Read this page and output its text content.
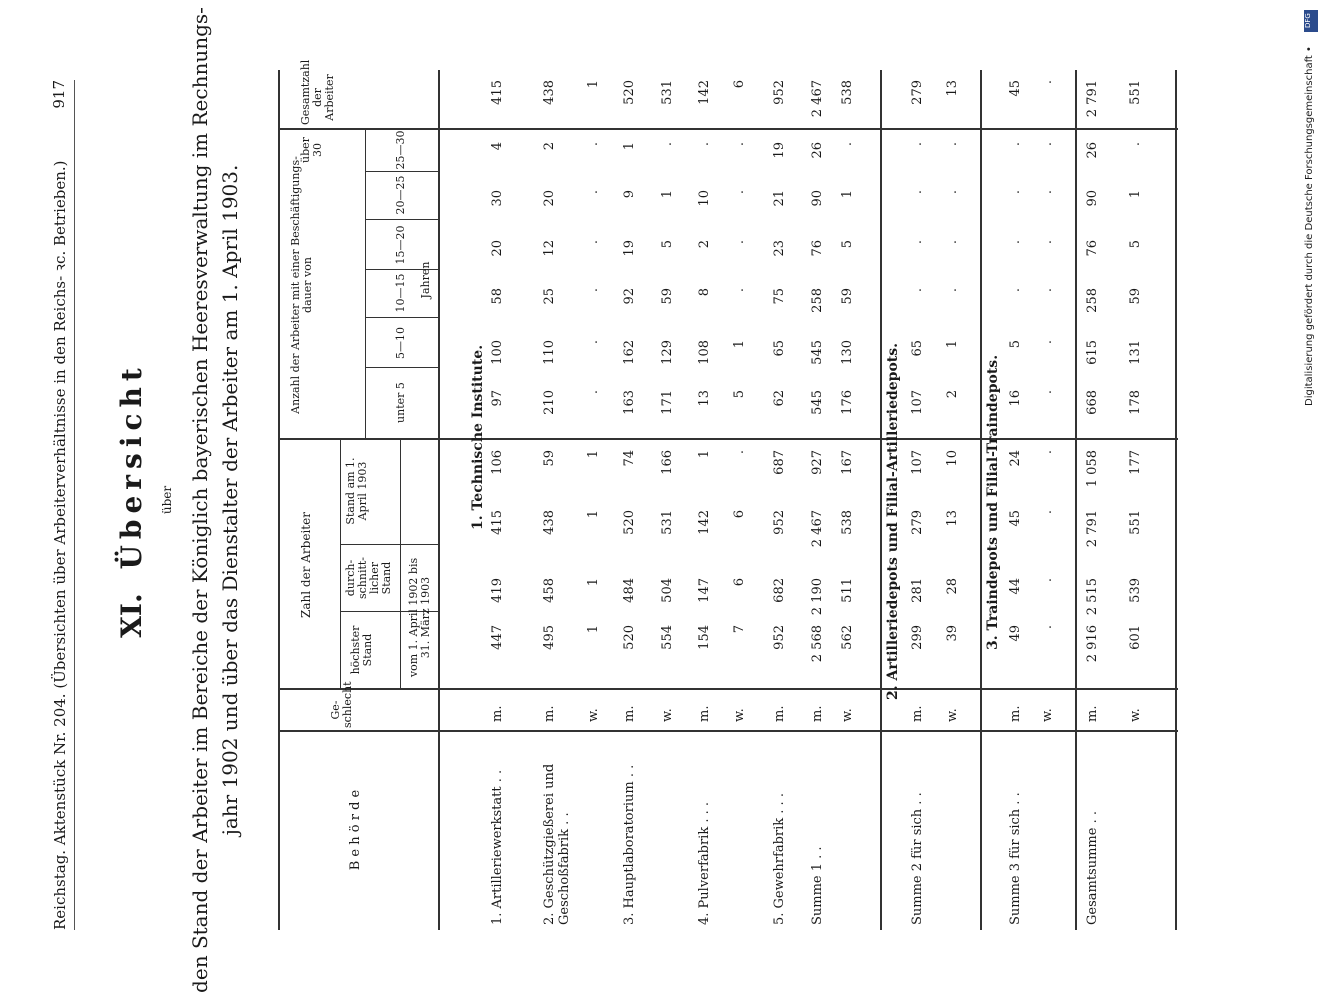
Reichstag. Aktenstück Nr. 204. (Übersichten über Arbeiterverhältnisse in den Reichs- ꝛc. Betrieben.)
917
XI. Übersicht über den Stand der Arbeiter im Bereiche der Königlich bayerischen Heeresverwaltung im Rechnungs- jahr 1902 und über das Dienstalter der Arbeiter am 1. April 1903.	B e h ö r d e
Ge-schlecht
Zahl der Arbeiter
höchster Stand
durch-schnitt-licher Stand
Stand am 1. April 1903
vom 1. April 1902 bis 31. März 1903
Anzahl der Arbeiter mit einer Beschäftigungs-dauer von
unter 5
5—10
10—15
15—20
20—25
25—30
über 30
Jahren
Gesamtzahl der Arbeiter
1. Technische Institute.
1. Artilleriewerkstatt . .
m.
447
419
415
106
97
100
58
20
30
4
415
2. Geschützgießerei und Geschoßfabrik . .
m.
495
458
438
59
210
110
25
12
20
2
438
w.
1
1
1
1
.
.
.
.
.
.
1
3. Hauptlaboratorium . .
m.
520
484
520
74
163
162
92
19
9
1
520
w.
554
504
531
166
171
129
59
5
1
.
531
4. Pulverfabrik . . .
m.
154
147
142
1
13
108
8
2
10
.
142
w.
7
6
6
.
5
1
.
.
.
.
6
5. Gewehrfabrik . . .
m.
952
682
952
687
62
65
75
23
21
19
952
Summe 1 . .
m.
2 568
2 190
2 467
927
545
545
258
76
90
26
2 467
w.
562
511
538
167
176
130
59
5
1
.
538
2. Artilleriedepots und Filial-Artilleriedepots.
Summe 2 für sich . .
m.
299
281
279
107
107
65
.
.
.
.
279
w.
39
28
13
10
2
1
.
.
.
.
13
3. Traindepots und Filial-Traindepots.
Summe 3 für sich . .
m.
49
44
45
24
16
5
.
.
.
.
45
w.
.
.
.
.
.
.
.
.
.
.
.
Gesamtsumme . .
m.
2 916
2 515
2 791
1 058
668
615
258
76
90
26
2 791
w.
601
539
551
177
178
131
59
5
1
.
551
DFG
Digitalisierung gefördert durch die Deutsche Forschungsgemeinschaft •
